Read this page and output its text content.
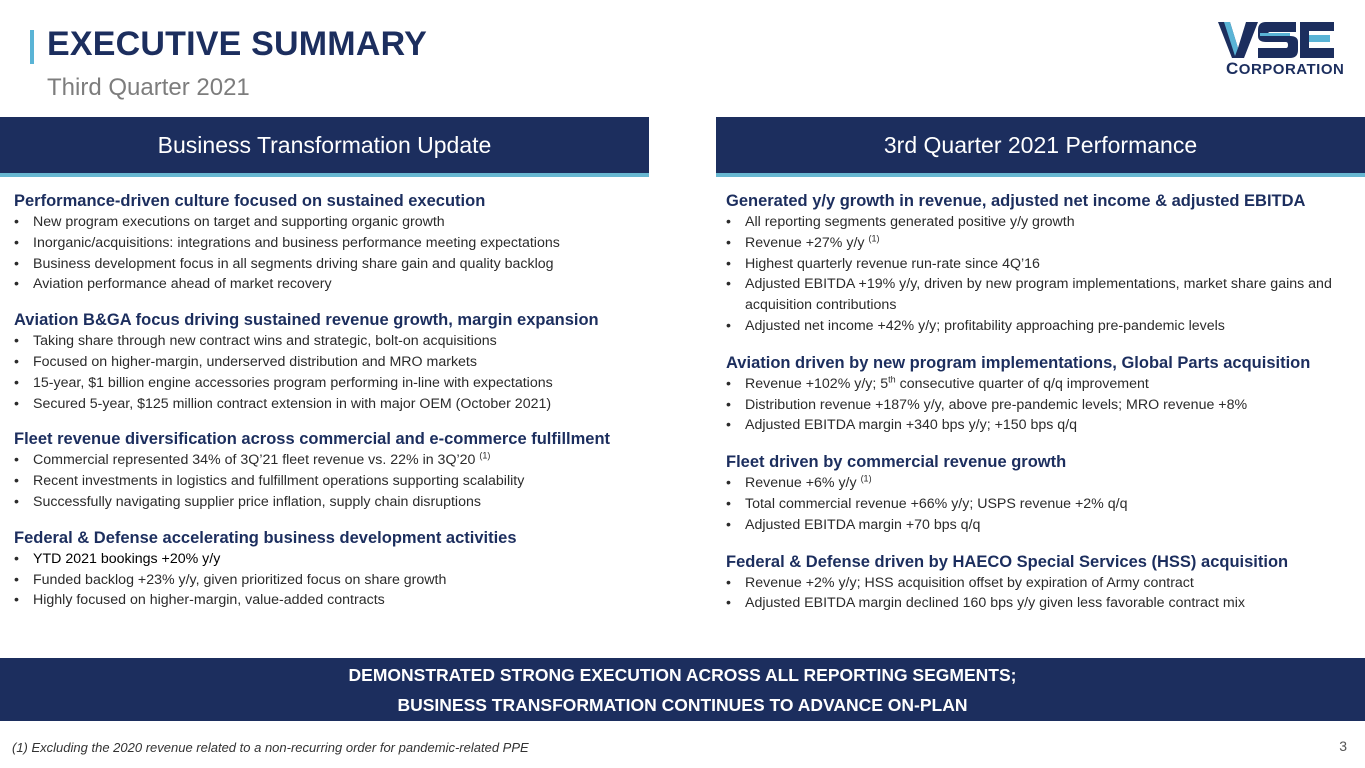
EXECUTIVE SUMMARY
Third Quarter 2021
CORPORATION
Business Transformation Update	3rd Quarter 2021 Performance
Performance-driven culture focused on sustained execution
• New program executions on target and supporting organic growth
• Inorganic/acquisitions: integrations and business performance meeting expectations
• Business development focus in all segments driving share gain and quality backlog
• Aviation performance ahead of market recovery
Aviation B&GA focus driving sustained revenue growth, margin expansion
• Taking share through new contract wins and strategic, bolt-on acquisitions
• Focused on higher-margin, underserved distribution and MRO markets
• 15-year, $1 billion engine accessories program performing in-line with expectations
• Secured 5-year, $125 million contract extension in with major OEM (October 2021)
Fleet revenue diversification across commercial and e-commerce fulfillment
• Commercial represented 34% of 3Q’21 fleet revenue vs. 22% in 3Q’20 $^{(1)}$
• Recent investments in logistics and fulfillment operations supporting scalability
• Successfully navigating supplier price inflation, supply chain disruptions
Federal & Defense accelerating business development activities
• YTD 2021 bookings +20% y/y
• Funded backlog +23% y/y, given prioritized focus on share growth
• Highly focused on higher-margin, value-added contracts
Generated y/y growth in revenue, adjusted net income & adjusted EBITDA
• All reporting segments generated positive y/y growth
• Revenue +27% y/y $^{(1)}$
• Highest quarterly revenue run-rate since 4Q’16
• Adjusted EBITDA +19% y/y, driven by new program implementations, market share gains and acquisition contributions
• Adjusted net income +42% y/y; profitability approaching pre-pandemic levels
Aviation driven by new program implementations, Global Parts acquisition
• Revenue +102% y/y; 5th consecutive quarter of q/q improvement
• Distribution revenue +187% y/y, above pre-pandemic levels; MRO revenue +8%
• Adjusted EBITDA margin +340 bps y/y; +150 bps q/q
Fleet driven by commercial revenue growth
• Revenue +6% y/y $^{(1)}$
• Total commercial revenue +66% y/y; USPS revenue +2% q/q
• Adjusted EBITDA margin +70 bps q/q
Federal & Defense driven by HAECO Special Services (HSS) acquisition
• Revenue +2% y/y; HSS acquisition offset by expiration of Army contract
• Adjusted EBITDA margin declined 160 bps y/y given less favorable contract mix
DEMONSTRATED STRONG EXECUTION ACROSS ALL REPORTING SEGMENTS;
BUSINESS TRANSFORMATION CONTINUES TO ADVANCE ON-PLAN
(1) Excluding the 2020 revenue related to a non-recurring order for pandemic-related PPE	3
